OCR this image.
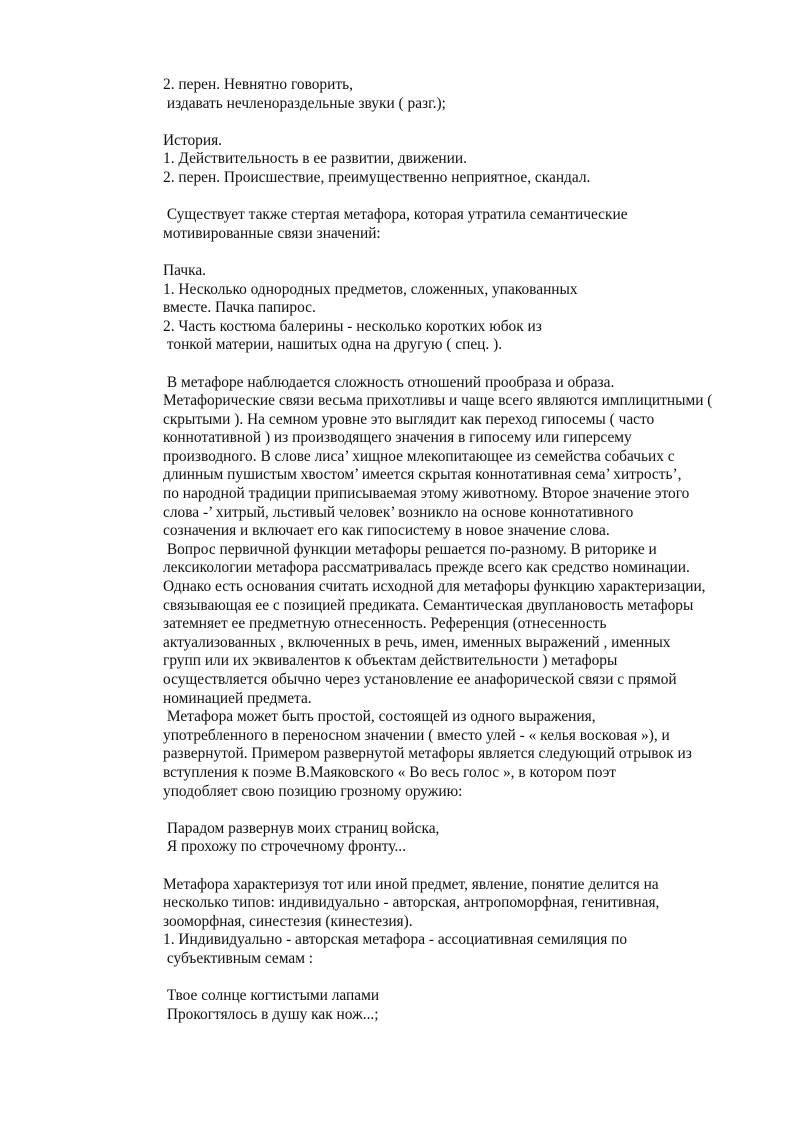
2. перен. Невнятно говорить,
издавать нечленораздельные звуки ( разг.);
История.
1. Действительность в ее развитии, движении.
2. перен. Происшествие, преимущественно неприятное, скандал.
Существует также стертая метафора, которая утратила семантические
мотивированные связи значений:
Пачка.
1. Несколько однородных предметов, сложенных, упакованных
вместе. Пачка папирос.
2. Часть костюма балерины - несколько коротких юбок из
тонкой материи, нашитых одна на другую ( спец. ).
В метафоре наблюдается сложность отношений прообраза и образа.
Метафорические связи весьма прихотливы и чаще всего являются имплицитными (
скрытыми ). На семном уровне это выглядит как переход гипосемы ( часто
коннотативной ) из производящего значения в гипосему или гиперсему
производного. В слове лиса’ хищное млекопитающее из семейства собачьих с
длинным пушистым хвостом’ имеется скрытая коннотативная сема’ хитрость’,
по народной традиции приписываемая этому животному. Второе значение этого
слова -’ хитрый, льстивый человек’ возникло на основе коннотативного
созначения и включает его как гипосистему в новое значение слова.
Вопрос первичной функции метафоры решается по-разному. В риторике и
лексикологии метафора рассматривалась прежде всего как средство номинации.
Однако есть основания считать исходной для метафоры функцию характеризации,
связывающая ее с позицией предиката. Семантическая двуплановость метафоры
затемняет ее предметную отнесенность. Референция (отнесенность
актуализованных , включенных в речь, имен, именных выражений , именных
групп или их эквивалентов к объектам действительности ) метафоры
осуществляется обычно через установление ее анафорической связи с прямой
номинацией предмета.
Метафора может быть простой, состоящей из одного выражения,
употребленного в переносном значении ( вместо улей - « келья восковая »), и
развернутой. Примером развернутой метафоры является следующий отрывок из
вступления к поэме В.Маяковского « Во весь голос », в котором поэт
уподобляет свою позицию грозному оружию:
Парадом развернув моих страниц войска,
Я прохожу по строчечному фронту...
Метафора характеризуя тот или иной предмет, явление, понятие делится на
несколько типов: индивидуально - авторская, антропоморфная, генитивная,
зооморфная, синестезия (кинестезия).
1. Индивидуально - авторская метафора - ассоциативная семиляция по
субъективным семам :
Твое солнце когтистыми лапами
Прокогтялось в душу как нож...;
